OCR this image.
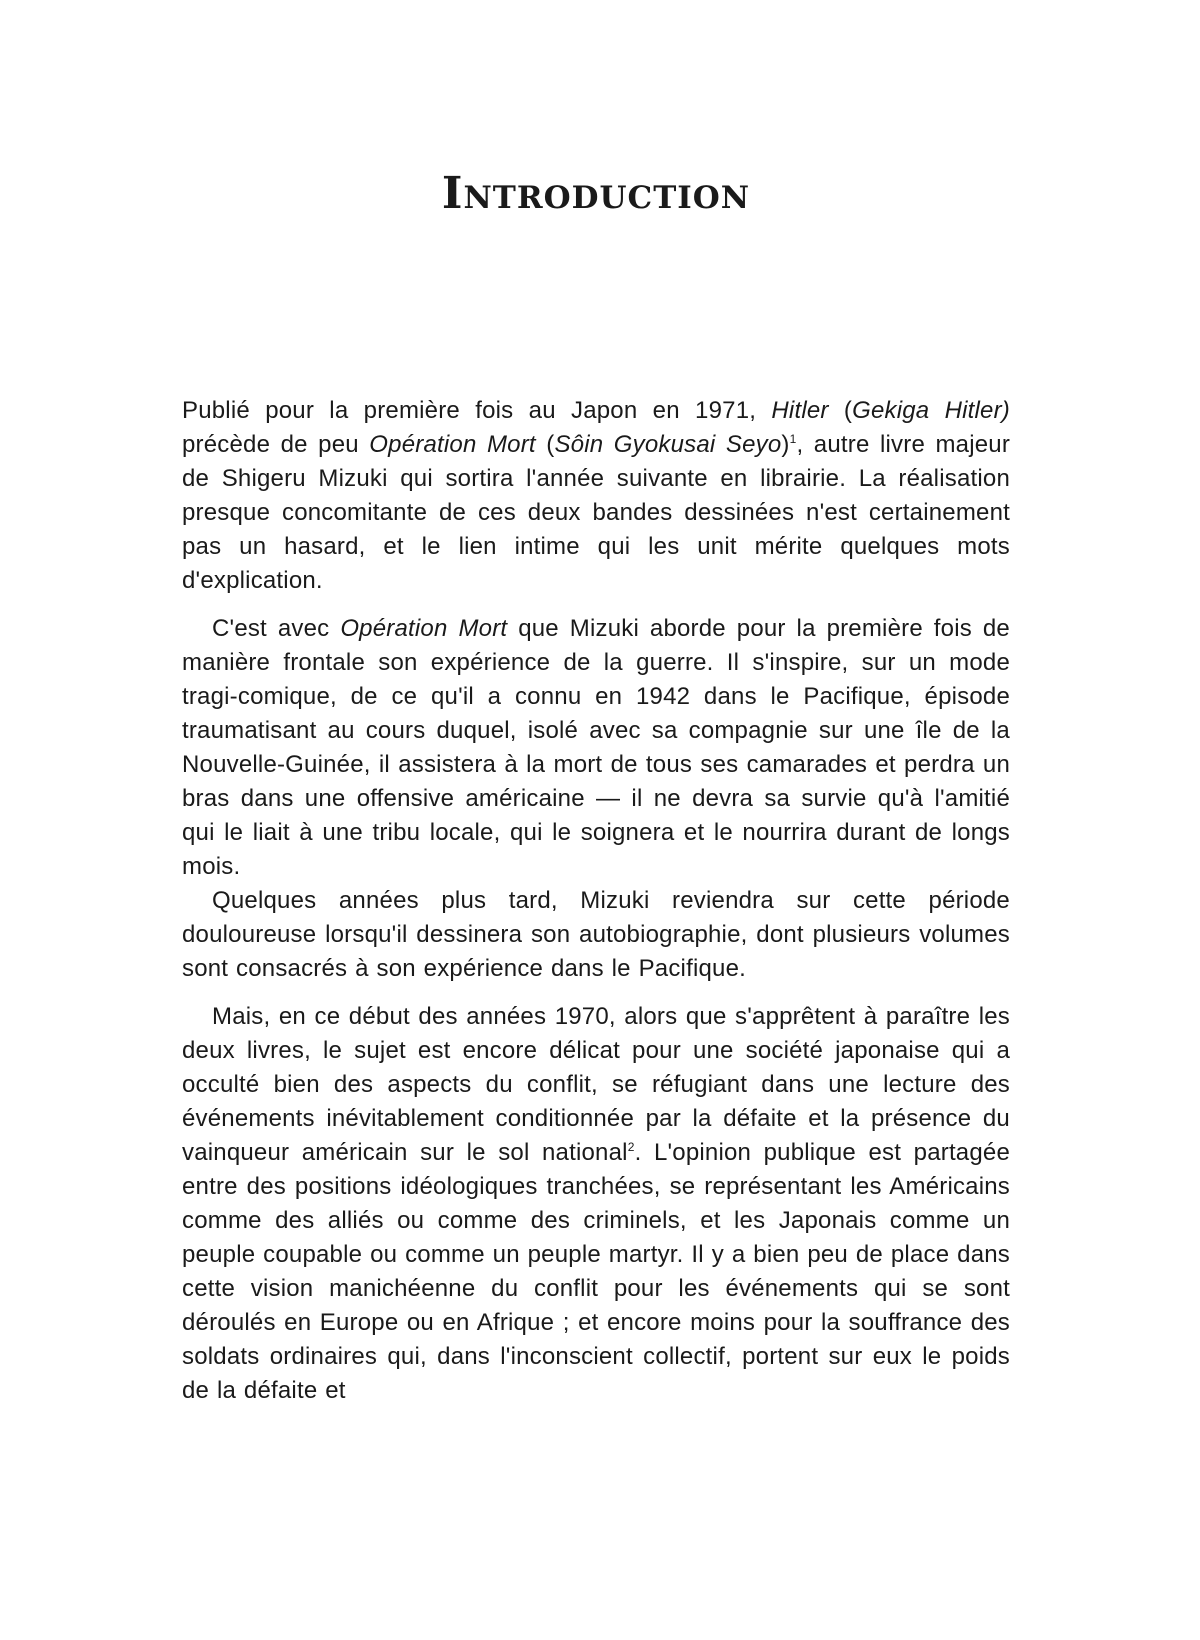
Introduction

Publié pour la première fois au Japon en 1971, Hitler (Gekiga Hitler) précède de peu Opération Mort (Sôin Gyokusai Seyo)$^1$, autre livre majeur de Shigeru Mizuki qui sortira l'année suivante en librairie. La réalisation presque concomitante de ces deux bandes dessinées n'est certainement pas un hasard, et le lien intime qui les unit mérite quelques mots d'explication.

C'est avec Opération Mort que Mizuki aborde pour la première fois de manière frontale son expérience de la guerre. Il s'inspire, sur un mode tragi-comique, de ce qu'il a connu en 1942 dans le Pacifique, épisode traumatisant au cours duquel, isolé avec sa compagnie sur une île de la Nouvelle-Guinée, il assistera à la mort de tous ses camarades et perdra un bras dans une offensive américaine — il ne devra sa survie qu'à l'amitié qui le liait à une tribu locale, qui le soignera et le nourrira durant de longs mois.

Quelques années plus tard, Mizuki reviendra sur cette période douloureuse lorsqu'il dessinera son autobiographie, dont plusieurs volumes sont consacrés à son expérience dans le Pacifique.

Mais, en ce début des années 1970, alors que s'apprêtent à paraître les deux livres, le sujet est encore délicat pour une société japonaise qui a occulté bien des aspects du conflit, se réfugiant dans une lecture des événements inévitablement conditionnée par la défaite et la présence du vainqueur américain sur le sol national$^2$. L'opinion publique est partagée entre des positions idéologiques tranchées, se représentant les Américains comme des alliés ou comme des criminels, et les Japonais comme un peuple coupable ou comme un peuple martyr. Il y a bien peu de place dans cette vision manichéenne du conflit pour les événements qui se sont déroulés en Europe ou en Afrique ; et encore moins pour la souffrance des soldats ordinaires qui, dans l'inconscient collectif, portent sur eux le poids de la défaite et
